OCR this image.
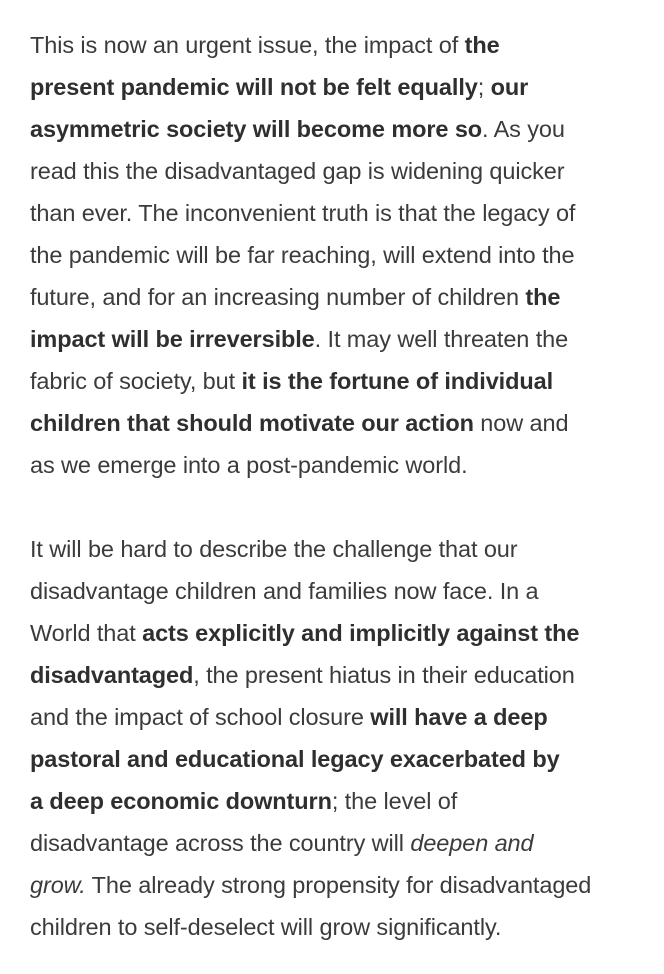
This is now an urgent issue, the impact of the
present pandemic will not be felt equally; our
asymmetric society will become more so. As you
read this the disadvantaged gap is widening quicker
than ever. The inconvenient truth is that the legacy of
the pandemic will be far reaching, will extend into the
future, and for an increasing number of children the
impact will be irreversible. It may well threaten the
fabric of society, but it is the fortune of individual
children that should motivate our action now and
as we emerge into a post-pandemic world.

It will be hard to describe the challenge that our
disadvantage children and families now face. In a
World that acts explicitly and implicitly against the
disadvantaged, the present hiatus in their education
and the impact of school closure will have a deep
pastoral and educational legacy exacerbated by
a deep economic downturn; the level of
disadvantage across the country will deepen and
grow. The already strong propensity for disadvantaged
children to self-deselect will grow significantly.
